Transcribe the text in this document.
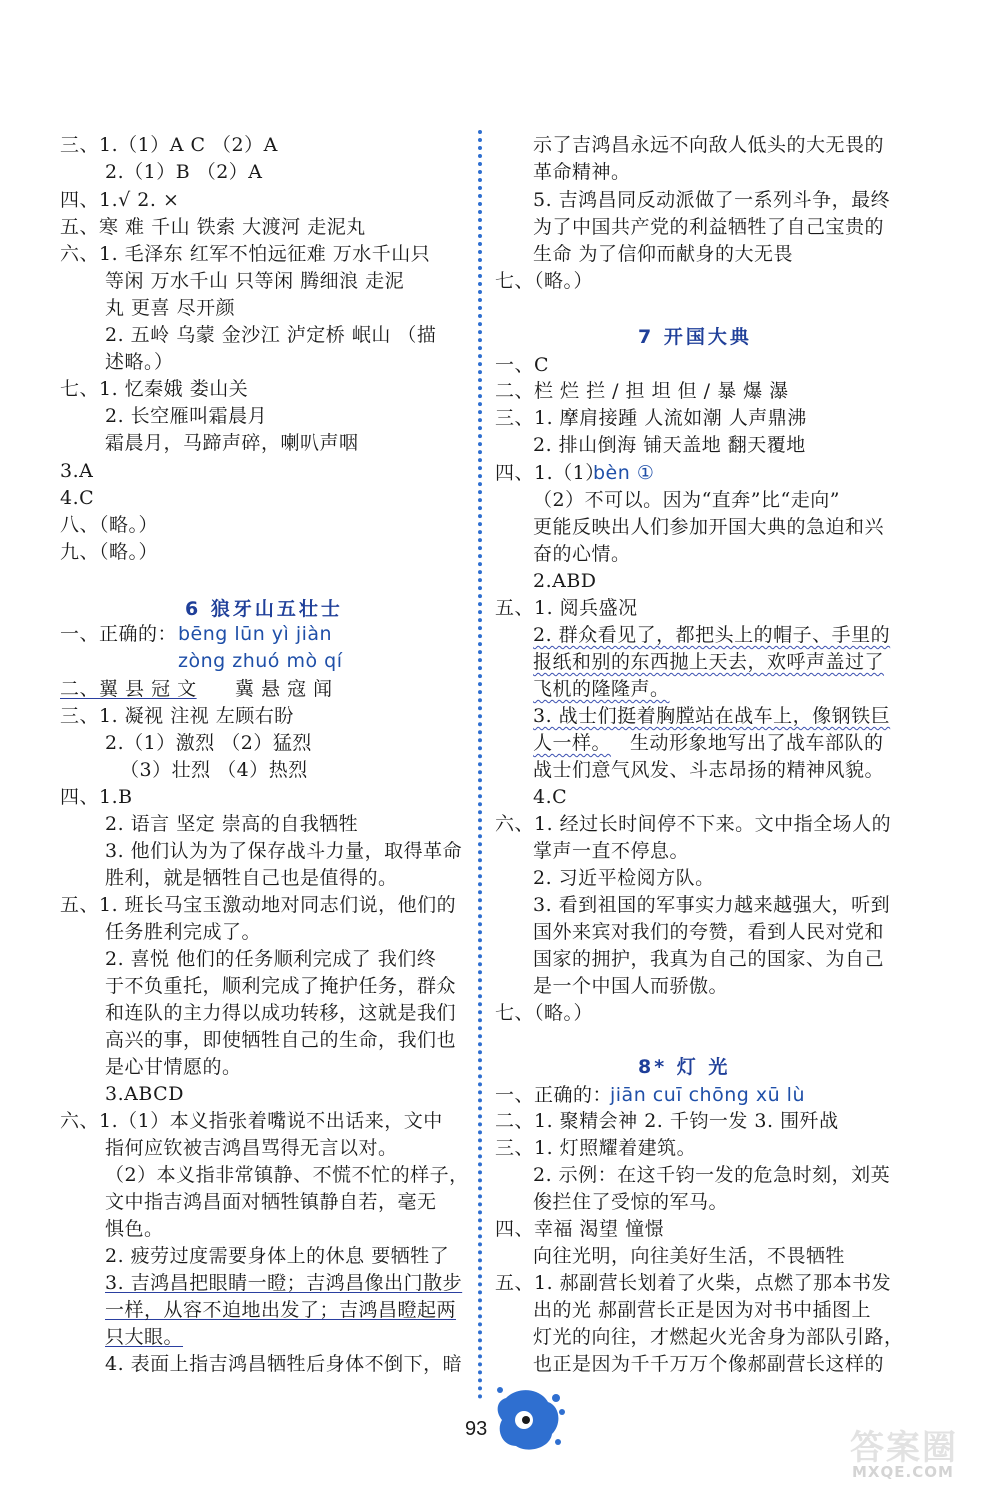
三、1.（1）A C （2）A
2.（1）B （2）A
四、1.√ 2. ×
五、寒 难 千山 铁索 大渡河 走泥丸
六、1. 毛泽东 红军不怕远征难 万水千山只
等闲 万水千山 只等闲 腾细浪 走泥
丸 更喜 尽开颜
2. 五岭 乌蒙 金沙江 泸定桥 岷山 （描
述略。）
七、1. 忆秦娥 娄山关
2. 长空雁叫霜晨月
霜晨月，马蹄声碎，喇叭声咽
3.A
4.C
八、（略。）
九、（略。）
6 狼牙山五壮士
一、正确的： bēng lūn yì jiàn
zòng zhuó mò qí
二、翼 县 冠 文 冀 悬 寇 闻
三、1. 凝视 注视 左顾右盼
2.（1）激烈 （2）猛烈
（3）壮烈 （4）热烈
四、1.B
2. 语言 坚定 崇高的自我牺牲
3. 他们认为为了保存战斗力量，取得革命
胜利，就是牺牲自己也是值得的。
五、1. 班长马宝玉激动地对同志们说，他们的
任务胜利完成了。
2. 喜悦 他们的任务顺利完成了 我们终
于不负重托，顺利完成了掩护任务，群众
和连队的主力得以成功转移，这就是我们
高兴的事，即使牺牲自己的生命，我们也
是心甘情愿的。
3.ABCD
六、1.（1）本义指张着嘴说不出话来，文中
指何应钦被吉鸿昌骂得无言以对。
（2）本义指非常镇静、不慌不忙的样子，
文中指吉鸿昌面对牺牲镇静自若，毫无
惧色。
2. 疲劳过度需要身体上的休息 要牺牲了
3. 吉鸿昌把眼睛一瞪；吉鸿昌像出门散步
一样，从容不迫地出发了；吉鸿昌瞪起两
只大眼。
4. 表面上指吉鸿昌牺牲后身体不倒下，暗
示了吉鸿昌永远不向敌人低头的大无畏的
革命精神。
5. 吉鸿昌同反动派做了一系列斗争，最终
为了中国共产党的利益牺牲了自己宝贵的
生命 为了信仰而献身的大无畏
七、（略。）
7 开国大典
一、C
二、栏 烂 拦 / 担 坦 但 / 暴 爆 瀑
三、1. 摩肩接踵 人流如潮 人声鼎沸
2. 排山倒海 铺天盖地 翻天覆地
四、1.（1）
bèn ①
（2）不可以。因为“直奔”比“走向”
更能反映出人们参加开国大典的急迫和兴
奋的心情。
2.ABD
五、1. 阅兵盛况
2. 群众看见了，都把头上的帽子、手里的
报纸和别的东西抛上天去，欢呼声盖过了
飞机的隆隆声。
3. 战士们挺着胸膛站在战车上，像钢铁巨
人一样。 生动形象地写出了战车部队的
战士们意气风发、斗志昂扬的精神风貌。
4.C
六、1. 经过长时间停不下来。文中指全场人的
掌声一直不停息。
2. 习近平检阅方队。
3. 看到祖国的军事实力越来越强大，听到
国外来宾对我们的夸赞，看到人民对党和
国家的拥护，我真为自己的国家、为自己
是一个中国人而骄傲。
七、（略。）
8* 灯 光
一、正确的：
jiān cuī chōng xū lù
二、1. 聚精会神 2. 千钧一发 3. 围歼战
三、1. 灯照耀着建筑。
2. 示例：在这千钧一发的危急时刻，刘英
俊拦住了受惊的军马。
四、幸福 渴望 憧憬
向往光明，向往美好生活，不畏牺牲
五、1. 郝副营长划着了火柴，点燃了那本书发
出的光 郝副营长正是因为对书中插图上
灯光的向往，才燃起火光舍身为部队引路，
也正是因为千千万万个像郝副营长这样的
93	答案圈
MXQE.COM
